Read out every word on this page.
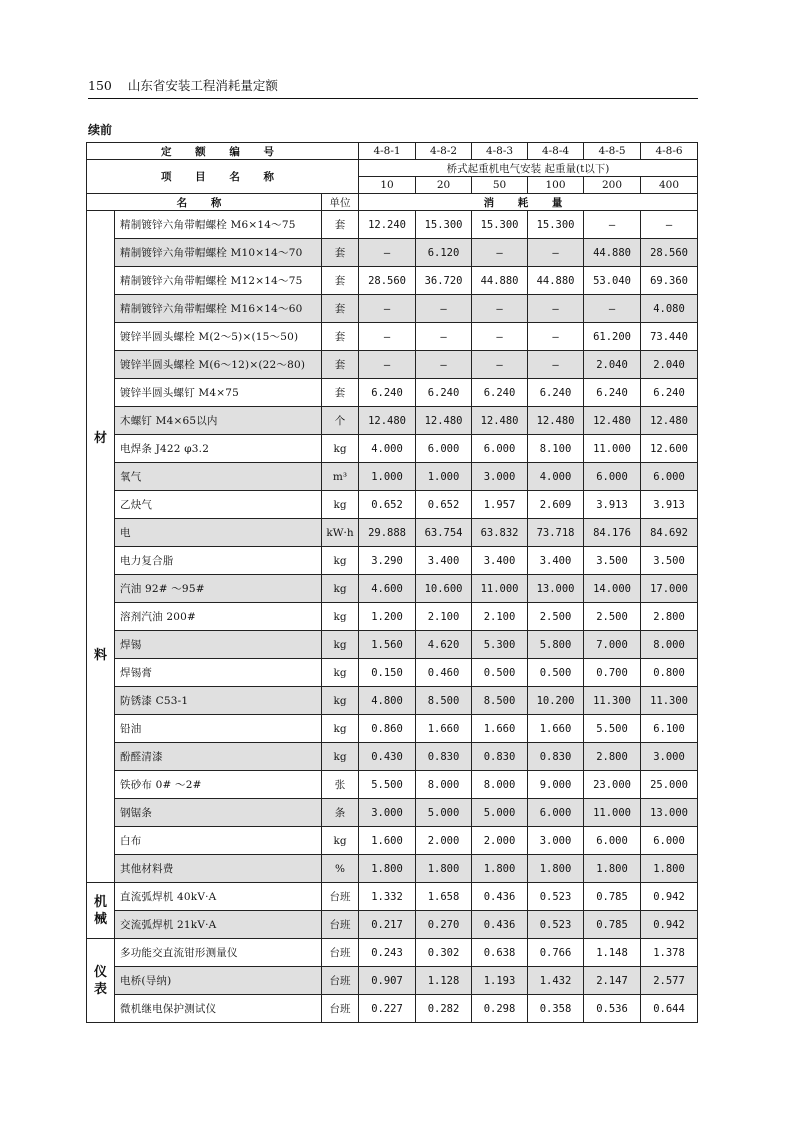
150 山东省安装工程消耗量定额
续前
定 额 编 号			4-8-1	4-8-2	4-8-3	4-8-4	4-8-5	4-8-6
项 目 名 称			桥式起重机电气安装 起重量(t以下)					
			10	20	50	100	200	400
名 称		单位	消 耗 量					

材
料	精制镀锌六角带帽螺栓 M6×14～75	套	12.240	15.300	15.300	15.300	—	—
	精制镀锌六角带帽螺栓 M10×14～70	套	—	6.120	—	—	44.880	28.560
	精制镀锌六角带帽螺栓 M12×14～75	套	28.560	36.720	44.880	44.880	53.040	69.360
	精制镀锌六角带帽螺栓 M16×14～60	套	—	—	—	—	—	4.080
	镀锌半圆头螺栓 M(2～5)×(15～50)	套	—	—	—	—	61.200	73.440
	镀锌半圆头螺栓 M(6～12)×(22～80)	套	—	—	—	—	2.040	2.040
	镀锌半圆头螺钉 M4×75	套	6.240	6.240	6.240	6.240	6.240	6.240
	木螺钉 M4×65以内	个	12.480	12.480	12.480	12.480	12.480	12.480
	电焊条 J422 φ3.2	kg	4.000	6.000	6.000	8.100	11.000	12.600
	氧气	m³	1.000	1.000	3.000	4.000	6.000	6.000
	乙炔气	kg	0.652	0.652	1.957	2.609	3.913	3.913
	电	kW·h	29.888	63.754	63.832	73.718	84.176	84.692
	电力复合脂	kg	3.290	3.400	3.400	3.400	3.500	3.500
	汽油 92# ～95#	kg	4.600	10.600	11.000	13.000	14.000	17.000
	溶剂汽油 200#	kg	1.200	2.100	2.100	2.500	2.500	2.800
	焊锡	kg	1.560	4.620	5.300	5.800	7.000	8.000
	焊锡膏	kg	0.150	0.460	0.500	0.500	0.700	0.800
	防锈漆 C53-1	kg	4.800	8.500	8.500	10.200	11.300	11.300
	铅油	kg	0.860	1.660	1.660	1.660	5.500	6.100
	酚醛清漆	kg	0.430	0.830	0.830	0.830	2.800	3.000
	铁砂布 0# ～2#	张	5.500	8.000	8.000	9.000	23.000	25.000
	钢锯条	条	3.000	5.000	5.000	6.000	11.000	13.000
	白布	kg	1.600	2.000	2.000	3.000	6.000	6.000
	其他材料费	%	1.800	1.800	1.800	1.800	1.800	1.800

机
械	直流弧焊机 40kV·A	台班	1.332	1.658	0.436	0.523	0.785	0.942
	交流弧焊机 21kV·A	台班	0.217	0.270	0.436	0.523	0.785	0.942

仪
表	多功能交直流钳形测量仪	台班	0.243	0.302	0.638	0.766	1.148	1.378
	电桥(导纳)	台班	0.907	1.128	1.193	1.432	2.147	2.577
	微机继电保护测试仪	台班	0.227	0.282	0.298	0.358	0.536	0.644
